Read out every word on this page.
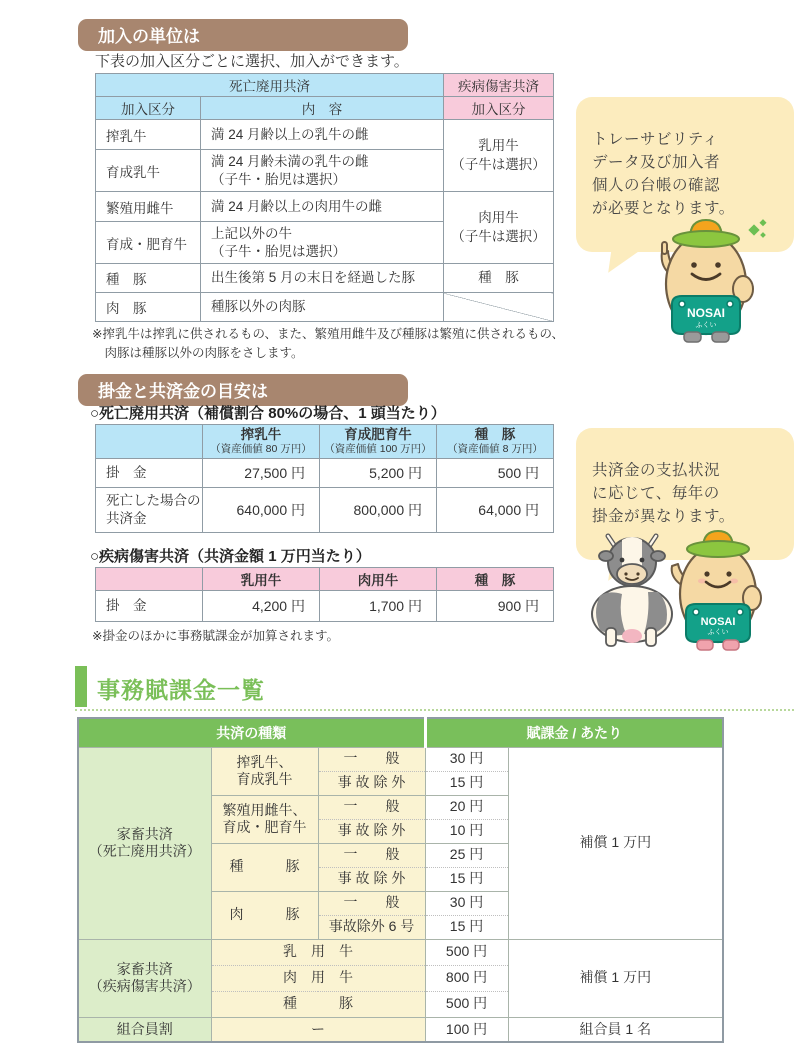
加入の単位は
下表の加入区分ごとに選択、加入ができます。
死亡廃用共済		疾病傷害共済
加入区分	内　容	加入区分
搾乳牛	満 24 月齢以上の乳牛の雌	乳用牛
（子牛は選択）
育成乳牛	満 24 月齢未満の乳牛の雌
（子牛・胎児は選択）	
繁殖用雌牛	満 24 月齢以上の肉用牛の雌	肉用牛
（子牛は選択）
育成・肥育牛	上記以外の牛
（子牛・胎児は選択）	
種　豚	出生後第 5 月の末日を経過した豚	種　豚
肉　豚	種豚以外の肉豚	
※搾乳牛は搾乳に供されるもの、また、繁殖用雌牛及び種豚は繁殖に供されるもの、
　肉豚は種豚以外の肉豚をさします。

トレーサビリティ
データ及び加入者
個人の台帳の確認
が必要となります。

NOSAI
ふくい
掛金と共済金の目安は
○死亡廃用共済（補償割合 80%の場合、1 頭当たり）

	搾乳牛
（資産価値 80 万円）	育成肥育牛
（資産価値 100 万円）	種　豚
（資産価値 8 万円）

掛　金	27,500 円	5,200 円	500 円
死亡した場合の
共済金	640,000 円	800,000 円	64,000 円
○疾病傷害共済（共済金額 1 万円当たり）
	乳用牛	肉用牛	種　豚
掛　金	4,200 円	1,700 円	900 円
※掛金のほかに事務賦課金が加算されます。

共済金の支払状況
に応じて、毎年の
掛金が異なります。

NOSAI
ふくい
事務賦課金一覧
共済の種類			賦課金 / あたり	
家畜共済
（死亡廃用共済）	搾乳牛、
育成乳牛	一　　般	30 円	補償 1 万円
		事 故 除 外	15 円	
	繁殖用雌牛、
育成・肥育牛	一　　般	20 円	
		事 故 除 外	10 円	
	種　　　豚	一　　般	25 円	
		事 故 除 外	15 円	
	肉　　　豚	一　　般	30 円	
		事故除外 6 号	15 円	
家畜共済
（疾病傷害共済）	乳　用　牛		500 円	補償 1 万円
	肉　用　牛		800 円	
	種　　　豚		500 円	
組合員割	ー		100 円	組合員 1 名
